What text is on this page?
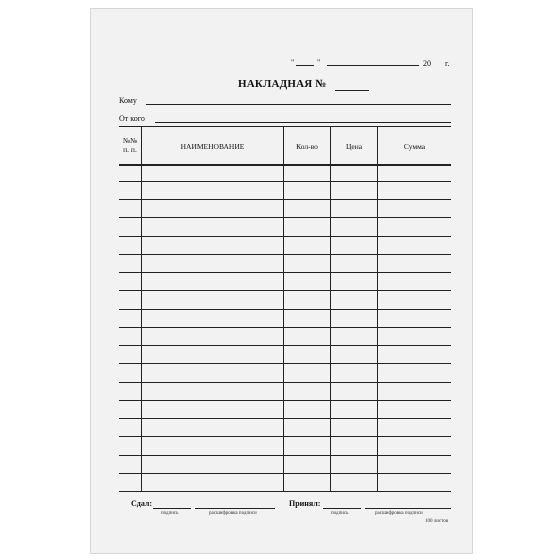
"	"	20 г.
НАКЛАДНАЯ №
Кому
От кого
№№ п. п.	НАИМЕНОВАНИЕ	Кол-во	Цена	Сумма
Сдал:
подпись	расшифровка подписи
Принял:
подпись	расшифровка подписи
100 листов
